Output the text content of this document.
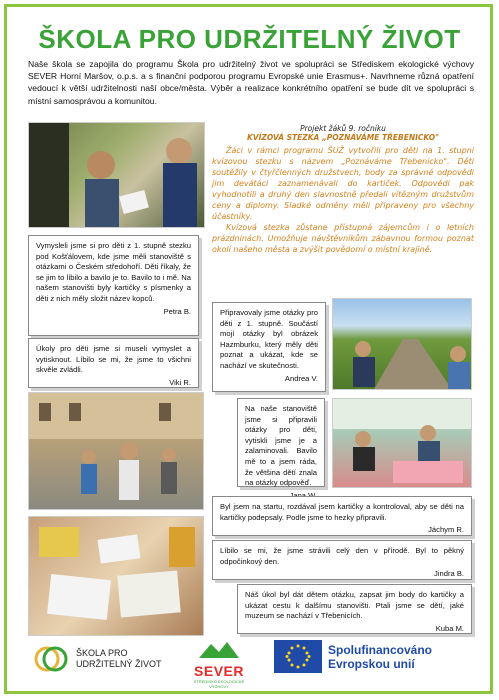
ŠKOLA PRO UDRŽITELNÝ ŽIVOT
Naše škola se zapojila do programu Škola pro udržitelný život ve spolupráci se Střediskem ekologické výchovy SEVER Horní Maršov, o.p.s. a s finanční podporou programu Evropské unie Erasmus+. Navrhneme různá opatření vedoucí k větší udržitelnosti naší obce/města. Výběr a realizace konkrétního opatření se bude dít ve spolupráci s místní samosprávou a komunitou.
Vymysleli jsme si pro děti z 1. stupně stezku pod Košťálovem, kde jsme měli stanoviště s otázkami o Českém středohoří. Děti říkaly, že se jim to líbilo a bavilo je to. Bavilo to i mě. Na našem stanovišti byly kartičky s písmenky a děti z nich měly složit název kopců.
Petra B.
Úkoly pro děti jsme si museli vymyslet a vytisknout. Líbilo se mi, že jsme to všichni skvěle zvládli.
Viki R.
Projekt žáků 9. ročníku
KVÍZOVÁ STEZKA „POZNÁVÁME TŘEBENICKO"

Žáci v rámci programu ŠUŽ vytvořili pro děti na 1. stupni kvízovou stezku s názvem „Poznáváme Třebenicko". Děti soutěžily v čtyřčlenných družstvech, body za správné odpovědi jim devátáci zaznamenávali do kartiček. Odpovědi pak vyhodnotili a druhý den slavnostně předali vítězným družstvům ceny a diplomy. Sladké odměny měli připraveny pro všechny účastníky.

Kvízová stezka zůstane přístupná zájemcům i o letních prázdninách. Umožňuje návštěvníkům zábavnou formou poznat okolí našeho města a zvýšit povědomí o místní krajině.

Připravovaly jsme otázky pro děti z 1. stupně. Součástí mojí otázky byl obrázek Hazmburku, který měly děti poznat a ukázat, kde se nachází ve skutečnosti.
Andrea V.
Na naše stanoviště jsme si připravili otázky pro děti, vytiskli jsme je a zalaminovali. Bavilo mě to a jsem ráda, že většina dětí znala na otázky odpověď.
Byl jsem na startu, rozdával jsem kartičky a kontroloval, aby se děti na kartičky podepsaly. Podle jsme to hezky připravili.
Jáchym R.
Líbilo se mi, že jsme strávili celý den v přírodě. Byl to pěkný odpočinkový den.
Jindra B.
Náš úkol byl dát dětem otázku, zapsat jim body do kartičky a ukázat cestu k dalšímu stanovišti. Ptali jsme se dětí, jaké muzeum se nachází v Třebenicích.
Kuba M.
ŠKOLA PRO
UDRŽITELNÝ ŽIVOT	SEVER
STŘEDISKO EKOLOGICKÉ VÝCHOVY
Spolufinancováno
Evropskou unií
